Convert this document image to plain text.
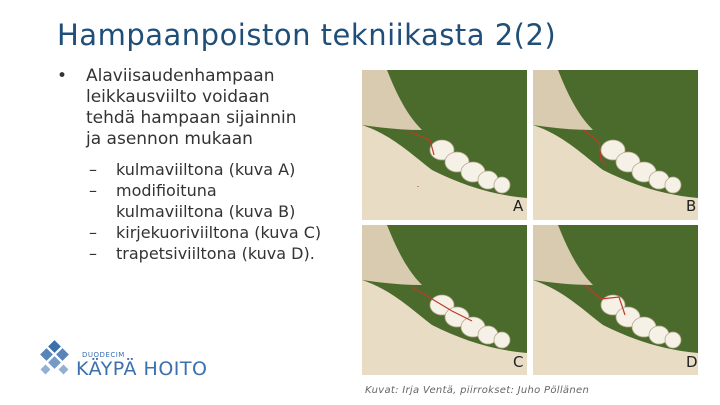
Hampaanpoiston tekniikasta 2(2)
• Alaviisaudenhampaan
leikkausviilto voidaan
tehdä hampaan sijainnin
ja asennon mukaan
– kulmaviiltona (kuva A)
– modifioituna
kulmaviiltona (kuva B)
– kirjekuoriviiltona (kuva C)
– trapetsiviiltona (kuva D).
⎯
A	B
C	D
DUODECIM
KÄYPÄ HOITO
Kuvat: Irja Ventä, piirrokset: Juho Pöllänen
